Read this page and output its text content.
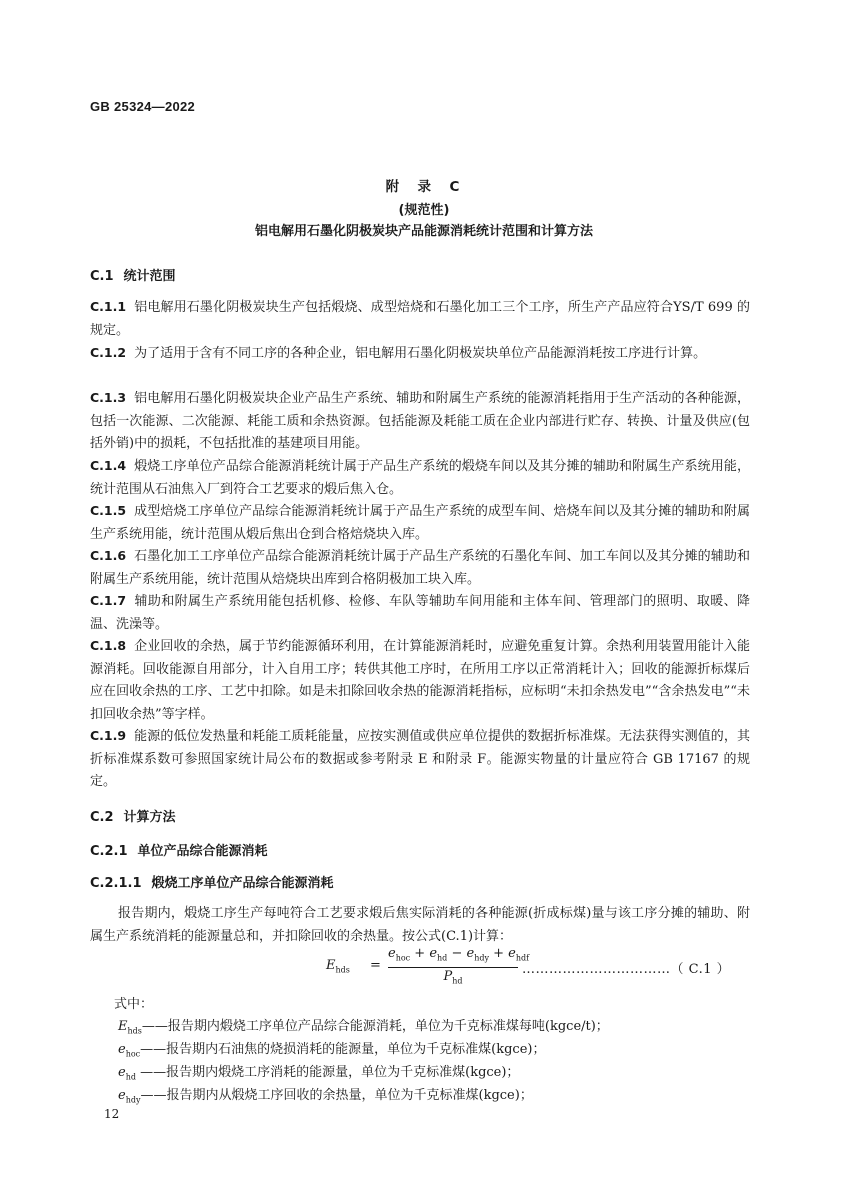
GB 25324—2022
附  录  C
(规范性)
铝电解用石墨化阴极炭块产品能源消耗统计范围和计算方法
C.1 统计范围
C.1.1 铝电解用石墨化阴极炭块生产包括煅烧、成型焙烧和石墨化加工三个工序，所生产产品应符合YS/T 699 的规定。
C.1.2 为了适用于含有不同工序的各种企业，铝电解用石墨化阴极炭块单位产品能源消耗按工序进行计算。
C.1.3 铝电解用石墨化阴极炭块企业产品生产系统、辅助和附属生产系统的能源消耗指用于生产活动的各种能源，包括一次能源、二次能源、耗能工质和余热资源。包括能源及耗能工质在企业内部进行贮存、转换、计量及供应(包括外销)中的损耗，不包括批准的基建项目用能。
C.1.4 煅烧工序单位产品综合能源消耗统计属于产品生产系统的煅烧车间以及其分摊的辅助和附属生产系统用能，统计范围从石油焦入厂到符合工艺要求的煅后焦入仓。
C.1.5 成型焙烧工序单位产品综合能源消耗统计属于产品生产系统的成型车间、焙烧车间以及其分摊的辅助和附属生产系统用能，统计范围从煅后焦出仓到合格焙烧块入库。
C.1.6 石墨化加工工序单位产品综合能源消耗统计属于产品生产系统的石墨化车间、加工车间以及其分摊的辅助和附属生产系统用能，统计范围从焙烧块出库到合格阴极加工块入库。
C.1.7 辅助和附属生产系统用能包括机修、检修、车队等辅助车间用能和主体车间、管理部门的照明、取暖、降温、洗澡等。
C.1.8 企业回收的余热，属于节约能源循环利用，在计算能源消耗时，应避免重复计算。余热利用装置用能计入能源消耗。回收能源自用部分，计入自用工序；转供其他工序时，在所用工序以正常消耗计入；回收的能源折标煤后应在回收余热的工序、工艺中扣除。如是未扣除回收余热的能源消耗指标，应标明“未扣余热发电”“含余热发电”“未扣回收余热”等字样。
C.1.9 能源的低位发热量和耗能工质耗能量，应按实测值或供应单位提供的数据折标准煤。无法获得实测值的，其折标准煤系数可参照国家统计局公布的数据或参考附录 E 和附录 F。能源实物量的计量应符合 GB 17167 的规定。
C.2 计算方法
C.2.1 单位产品综合能源消耗
C.2.1.1 煅烧工序单位产品综合能源消耗
报告期内，煅烧工序生产每吨符合工艺要求煅后焦实际消耗的各种能源(折成标煤)量与该工序分摊的辅助、附属生产系统消耗的能源量总和，并扣除回收的余热量。按公式(C.1)计算：
$E_{hds}$ =
$e_{hoc} + e_{hd} - e_{hdy} + e_{hdf}$
$P_{hd}$
……………………………（ C.1 ）
式中：
$E_{hds}——$报告期内煅烧工序单位产品综合能源消耗，单位为千克标准煤每吨(kgce/t)；
$e_{hoc}——$报告期内石油焦的烧损消耗的能源量，单位为千克标准煤(kgce)；
$e_{hd}$ ——报告期内煅烧工序消耗的能源量，单位为千克标准煤(kgce)；
$e_{hdy}——$报告期内从煅烧工序回收的余热量，单位为千克标准煤(kgce)；
12
